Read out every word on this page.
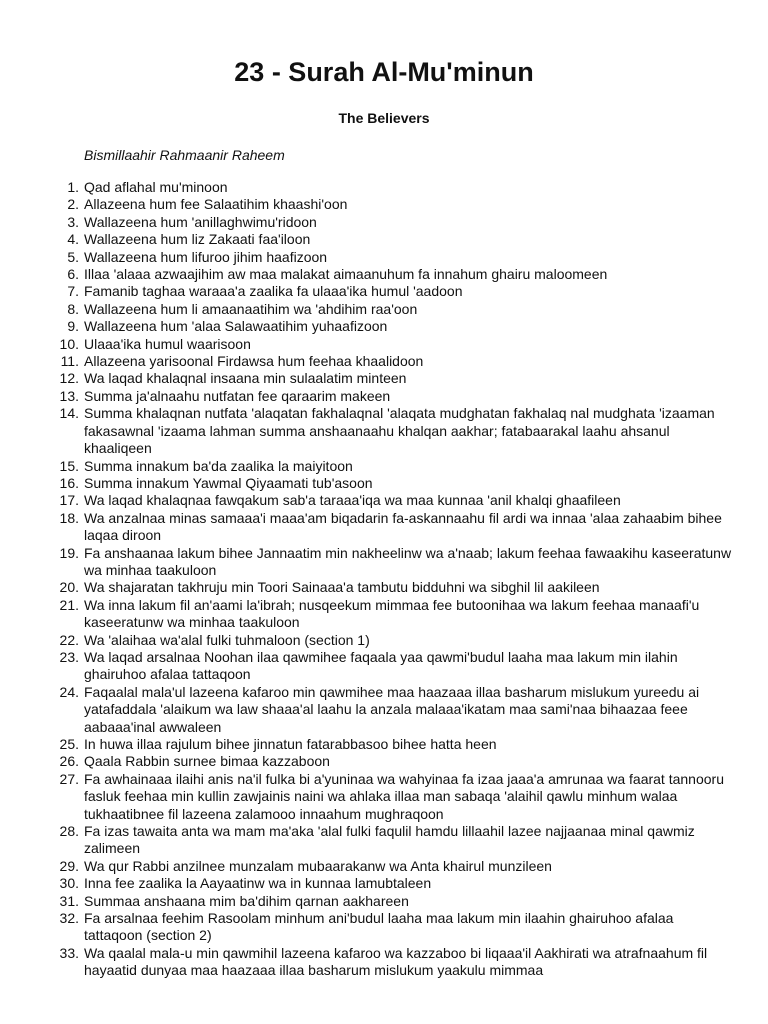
23 - Surah Al-Mu'minun
The Believers
Bismillaahir Rahmaanir Raheem
1. Qad aflahal mu'minoon
2. Allazeena hum fee Salaatihim khaashi'oon
3. Wallazeena hum 'anillaghwimu'ridoon
4. Wallazeena hum liz Zakaati faa'iloon
5. Wallazeena hum lifuroo jihim haafizoon
6. Illaa 'alaaa azwaajihim aw maa malakat aimaanuhum fa innahum ghairu maloomeen
7. Famanib taghaa waraaa'a zaalika fa ulaaa'ika humul 'aadoon
8. Wallazeena hum li amaanaatihim wa 'ahdihim raa'oon
9. Wallazeena hum 'alaa Salawaatihim yuhaafizoon
10. Ulaaa'ika humul waarisoon
11. Allazeena yarisoonal Firdawsa hum feehaa khaalidoon
12. Wa laqad khalaqnal insaana min sulaalatim minteen
13. Summa ja'alnaahu nutfatan fee qaraarim makeen
14. Summa khalaqnan nutfata 'alaqatan fakhalaqnal 'alaqata mudghatan fakhalaq nal mudghata 'izaaman fakasawnal 'izaama lahman summa anshaanaahu khalqan aakhar; fatabaarakal laahu ahsanul khaaliqeen
15. Summa innakum ba'da zaalika la maiyitoon
16. Summa innakum Yawmal Qiyaamati tub'asoon
17. Wa laqad khalaqnaa fawqakum sab'a taraaa'iqa wa maa kunnaa 'anil khalqi ghaafileen
18. Wa anzalnaa minas samaaa'i maaa'am biqadarin fa-askannaahu fil ardi wa innaa 'alaa zahaabim bihee laqaa diroon
19. Fa anshaanaa lakum bihee Jannaatim min nakheelinw wa a'naab; lakum feehaa fawaakihu kaseeratunw wa minhaa taakuloon
20. Wa shajaratan takhruju min Toori Sainaaa'a tambutu bidduhni wa sibghil lil aakileen
21. Wa inna lakum fil an'aami la'ibrah; nusqeekum mimmaa fee butoonihaa wa lakum feehaa manaafi'u kaseeratunw wa minhaa taakuloon
22. Wa 'alaihaa wa'alal fulki tuhmaloon (section 1)
23. Wa laqad arsalnaa Noohan ilaa qawmihee faqaala yaa qawmi'budul laaha maa lakum min ilahin ghairuhoo afalaa tattaqoon
24. Faqaalal mala'ul lazeena kafaroo min qawmihee maa haazaaa illaa basharum mislukum yureedu ai yatafaddala 'alaikum wa law shaaa'al laahu la anzala malaaa'ikatam maa sami'naa bihaazaa feee aabaaa'inal awwaleen
25. In huwa illaa rajulum bihee jinnatun fatarabbasoo bihee hatta heen
26. Qaala Rabbin surnee bimaa kazzaboon
27. Fa awhainaaa ilaihi anis na'il fulka bi a'yuninaa wa wahyinaa fa izaa jaaa'a amrunaa wa faarat tannooru fasluk feehaa min kullin zawjainis naini wa ahlaka illaa man sabaqa 'alaihil qawlu minhum walaa tukhaatibnee fil lazeena zalamooo innaahum mughraqoon
28. Fa izas tawaita anta wa mam ma'aka 'alal fulki faqulil hamdu lillaahil lazee najjaanaa minal qawmiz zalimeen
29. Wa qur Rabbi anzilnee munzalam mubaarakanw wa Anta khairul munzileen
30. Inna fee zaalika la Aayaatinw wa in kunnaa lamubtaleen
31. Summaa anshaana mim ba'dihim qarnan aakhareen
32. Fa arsalnaa feehim Rasoolam minhum ani'budul laaha maa lakum min ilaahin ghairuhoo afalaa tattaqoon (section 2)
33. Wa qaalal mala-u min qawmihil lazeena kafaroo wa kazzaboo bi liqaaa'il Aakhirati wa atrafnaahum fil hayaatid dunyaa maa haazaaa illaa basharum mislukum yaakulu mimmaa
